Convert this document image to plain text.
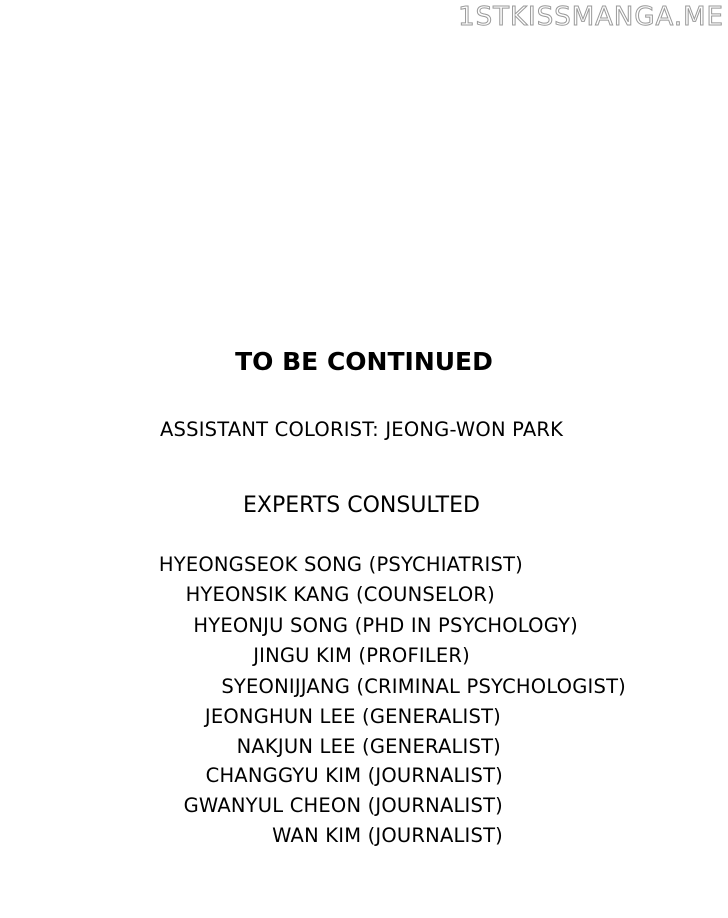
1STKISSMANGA.ME
TO BE CONTINUED
ASSISTANT COLORIST: JEONG-WON PARK
EXPERTS CONSULTED
HYEONGSEOK SONG (PSYCHIATRIST)
HYEONSIK KANG (COUNSELOR)
HYEONJU SONG (PHD IN PSYCHOLOGY)
JINGU KIM (PROFILER)
SYEONIJJANG (CRIMINAL PSYCHOLOGIST)
JEONGHUN LEE (GENERALIST)
NAKJUN LEE (GENERALIST)
CHANGGYU KIM (JOURNALIST)
GWANYUL CHEON (JOURNALIST)
WAN KIM (JOURNALIST)
